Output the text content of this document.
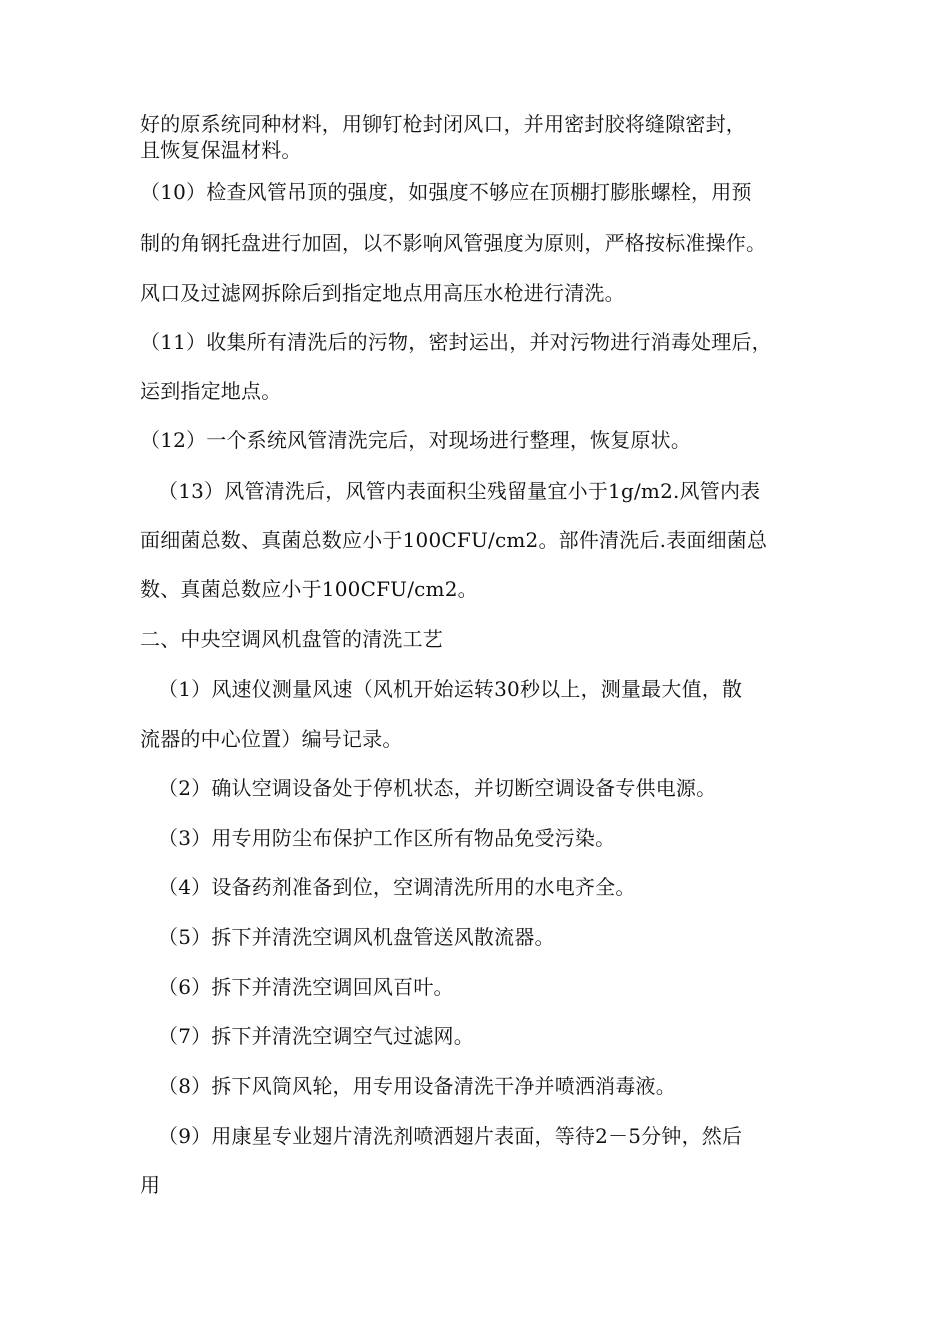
好的原系统同种材料，用铆钉枪封闭风口，并用密封胶将缝隙密封，
且恢复保温材料。
（10）检查风管吊顶的强度，如强度不够应在顶棚打膨胀螺栓，用预
制的角钢托盘进行加固，以不影响风管强度为原则，严格按标准操作。
风口及过滤网拆除后到指定地点用高压水枪进行清洗。
（11）收集所有清洗后的污物，密封运出，并对污物进行消毒处理后，
运到指定地点。
（12）一个系统风管清洗完后，对现场进行整理，恢复原状。
（13）风管清洗后，风管内表面积尘残留量宜小于1g/m2.风管内表
面细菌总数、真菌总数应小于100CFU/cm2。部件清洗后.表面细菌总
数、真菌总数应小于100CFU/cm2。
二、中央空调风机盘管的清洗工艺
（1）风速仪测量风速（风机开始运转30秒以上，测量最大值，散
流器的中心位置）编号记录。
（2）确认空调设备处于停机状态，并切断空调设备专供电源。
（3）用专用防尘布保护工作区所有物品免受污染。
（4）设备药剂准备到位，空调清洗所用的水电齐全。
（5）拆下并清洗空调风机盘管送风散流器。
（6）拆下并清洗空调回风百叶。
（7）拆下并清洗空调空气过滤网。
（8）拆下风筒风轮，用专用设备清洗干净并喷洒消毒液。
（9）用康星专业翅片清洗剂喷洒翅片表面，等待2－5分钟，然后
用
